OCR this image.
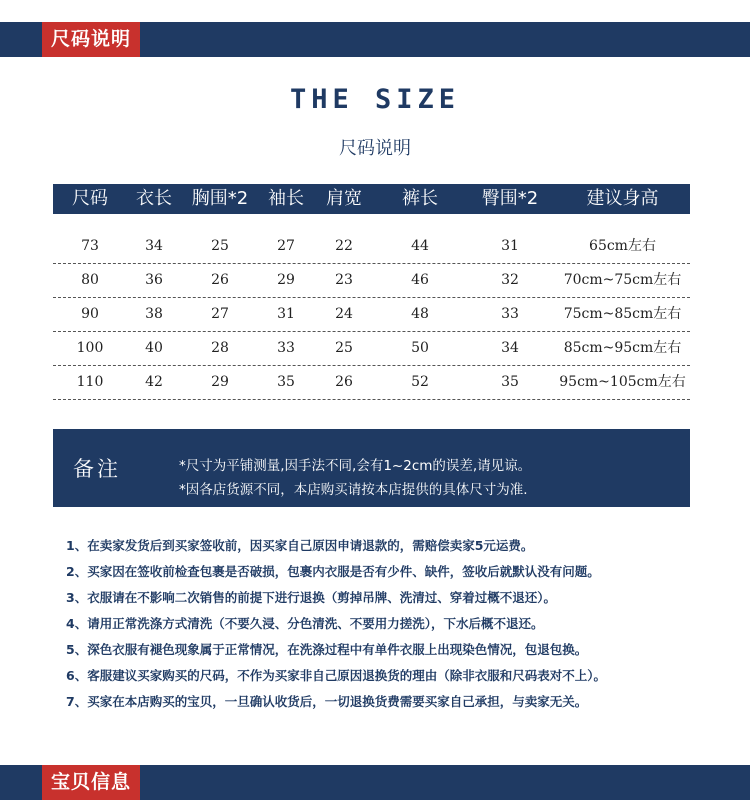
尺码说明
THE SIZE
尺码说明
尺码	衣长	胸围*2	袖长	肩宽	裤长	臀围*2	建议身高
73	34	25	27	22	44	31	65cm左右
80	36	26	29	23	46	32	70cm~75cm左右
90	38	27	31	24	48	33	75cm~85cm左右
100	40	28	33	25	50	34	85cm~95cm左右
110	42	29	35	26	52	35	95cm~105cm左右
备注	*尺寸为平铺测量,因手法不同,会有1~2cm的误差,请见谅。
*因各店货源不同，本店购买请按本店提供的具体尺寸为准.
1、在卖家发货后到买家签收前，因买家自己原因申请退款的，需赔偿卖家5元运费。
2、买家因在签收前检查包裹是否破损，包裹内衣服是否有少件、缺件，签收后就默认没有问题。
3、衣服请在不影响二次销售的前提下进行退换（剪掉吊牌、洗清过、穿着过概不退还）。
4、请用正常洗涤方式清洗（不要久浸、分色清洗、不要用力搓洗），下水后概不退还。
5、深色衣服有褪色现象属于正常情况，在洗涤过程中有单件衣服上出现染色情况，包退包换。
6、客服建议买家购买的尺码，不作为买家非自己原因退换货的理由（除非衣服和尺码表对不上）。
7、买家在本店购买的宝贝，一旦确认收货后，一切退换货费需要买家自己承担，与卖家无关。
宝贝信息
